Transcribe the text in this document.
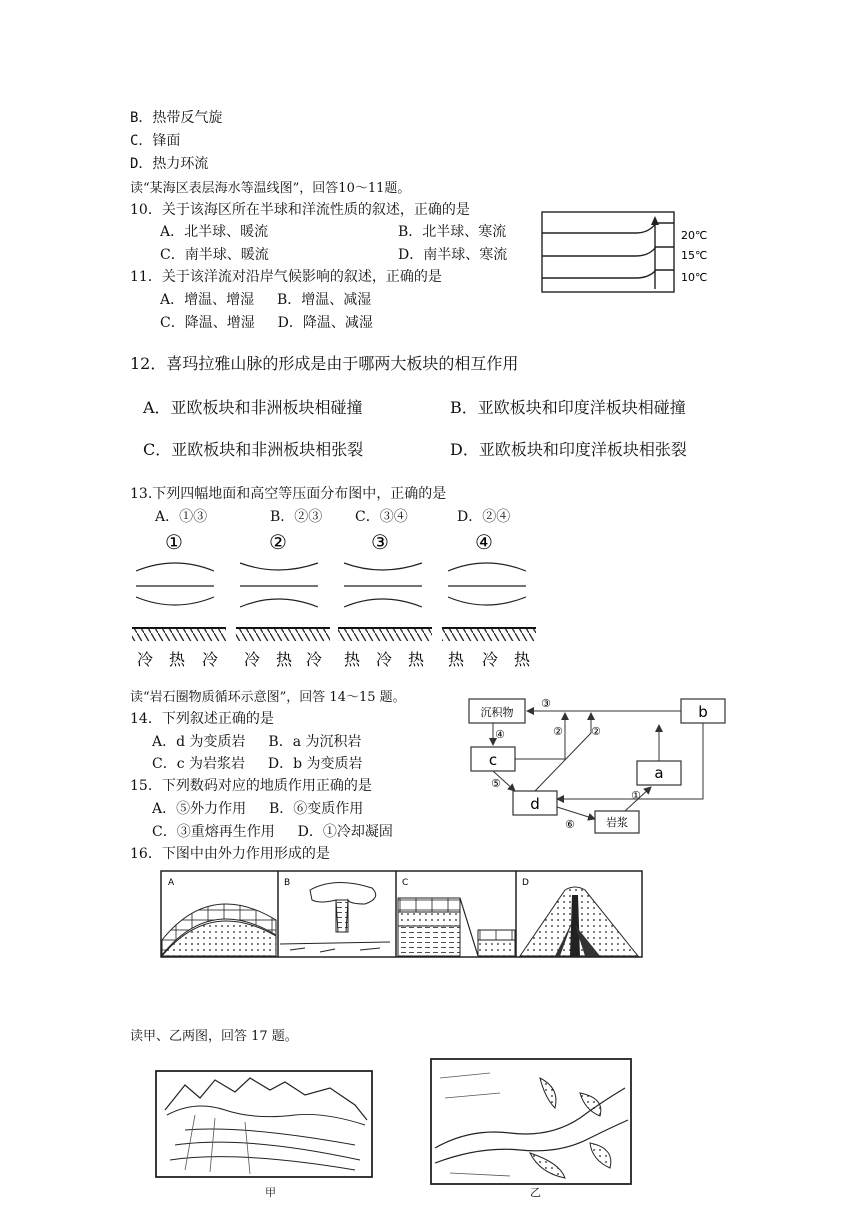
B．热带反气旋
C．锋面
D．热力环流
读“某海区表层海水等温线图”，回答10～11题。
10．关于该海区所在半球和洋流性质的叙述，正确的是
A．北半球、暖流	B．北半球、寒流
C．南半球、暖流	D．南半球、寒流
11．关于该洋流对沿岸气候影响的叙述，正确的是
A．增温、增湿 　 B．增温、减湿
C．降温、增湿 　 D．降温、减湿
20℃
15℃
10℃
12．喜玛拉雅山脉的形成是由于哪两大板块的相互作用
A．亚欧板块和非洲板块相碰撞	B．亚欧板块和印度洋板块相碰撞
C．亚欧板块和非洲板块相张裂	D．亚欧板块和印度洋板块相张裂
13.下列四幅地面和高空等压面分布图中，正确的是
A．①③	B．②③ C．③④	D．②④
①
冷 热 冷
②
冷 热 冷
③
热 冷 热
④
热 冷 热
读“岩石圈物质循环示意图”，回答 14～15 题。
14．下列叙述正确的是
A．d 为变质岩 　 B．a 为沉积岩
C．c 为岩浆岩 　 D．b 为变质岩
15．下列数码对应的地质作用正确的是
A．⑤外力作用 　 B．⑥变质作用
C．③重熔再生作用 　 D．①冷却凝固
沉积物	b
c
a
d
岩浆
③
④	②	②
⑤
⑥
①
16．下图中由外力作用形成的是
A	B	C	D
读甲、乙两图，回答 17 题。
甲	乙
